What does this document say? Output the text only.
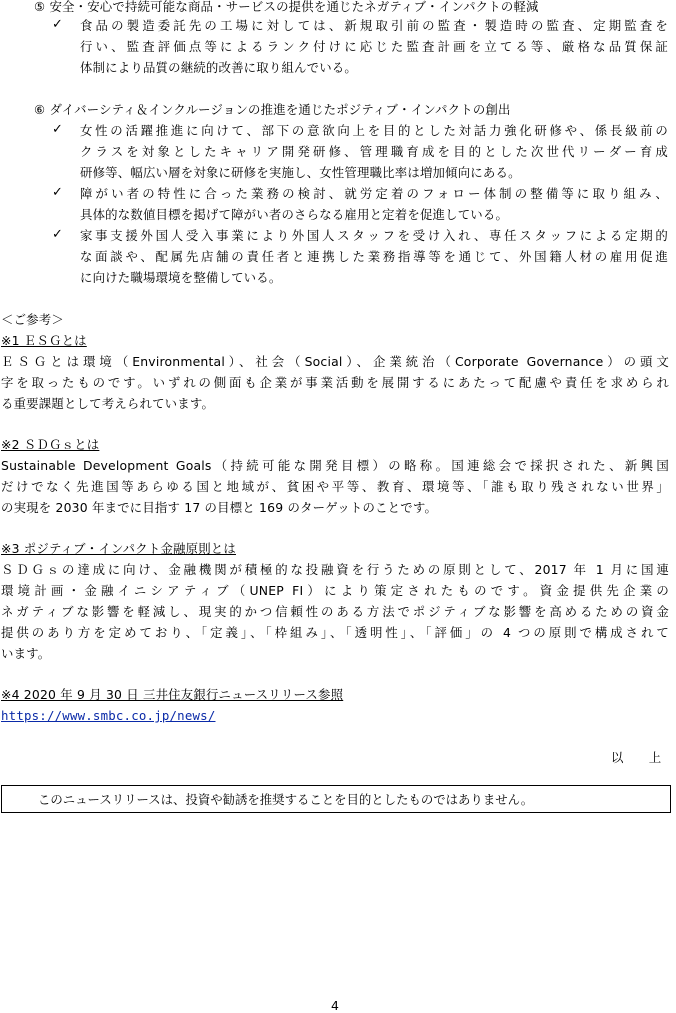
⑤ 安全・安心で持続可能な商品・サービスの提供を通じたネガティブ・インパクトの軽減
✓ 食品の製造委託先の工場に対しては、新規取引前の監査・製造時の監査、定期監査を
行い、監査評価点等によるランク付けに応じた監査計画を立てる等、厳格な品質保証
体制により品質の継続的改善に取り組んでいる。
⑥ ダイバーシティ＆インクルージョンの推進を通じたポジティブ・インパクトの創出
✓ 女性の活躍推進に向けて、部下の意欲向上を目的とした対話力強化研修や、係長級前の
クラスを対象としたキャリア開発研修、管理職育成を目的とした次世代リーダー育成
研修等、幅広い層を対象に研修を実施し、女性管理職比率は増加傾向にある。
✓ 障がい者の特性に合った業務の検討、就労定着のフォロー体制の整備等に取り組み、
具体的な数値目標を掲げて障がい者のさらなる雇用と定着を促進している。
✓ 家事支援外国人受入事業により外国人スタッフを受け入れ、専任スタッフによる定期的
な面談や、配属先店舗の責任者と連携した業務指導等を通じて、外国籍人材の雇用促進
に向けた職場環境を整備している。
＜ご参考＞
※1 ＥＳＧとは
ＥＳＧとは環境（Environmental）、社会（Social）、企業統治（Corporate Governance）の頭文
字を取ったものです。いずれの側面も企業が事業活動を展開するにあたって配慮や責任を求められ
る重要課題として考えられています。
※2 ＳＤＧｓとは
Sustainable Development Goals（持続可能な開発目標）の略称。国連総会で採択された、新興国
だけでなく先進国等あらゆる国と地域が、貧困や平等、教育、環境等、「誰も取り残されない世界」
の実現を 2030 年までに目指す 17 の目標と 169 のターゲットのことです。
※3 ポジティブ・インパクト金融原則とは
ＳＤＧｓの達成に向け、金融機関が積極的な投融資を行うための原則として、2017 年 1 月に国連
環境計画・金融イニシアティブ（UNEP FI）により策定されたものです。資金提供先企業の
ネガティブな影響を軽減し、現実的かつ信頼性のある方法でポジティブな影響を高めるための資金
提供のあり方を定めており、「定義」、「枠組み」、「透明性」、「評価」の 4 つの原則で構成されて
います。
※4 2020 年 9 月 30 日 三井住友銀行ニュースリリース参照
https://www.smbc.co.jp/news/
以　　上
このニュースリリースは、投資や勧誘を推奨することを目的としたものではありません。
4
